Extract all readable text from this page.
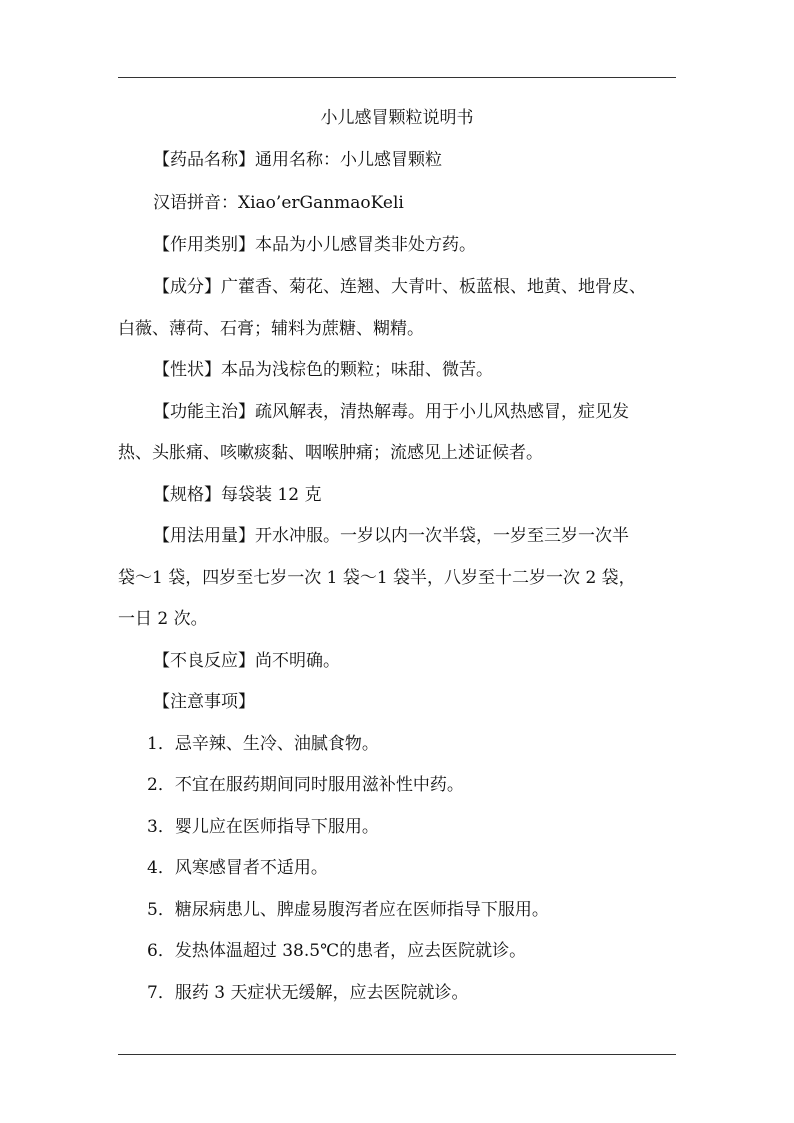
小儿感冒颗粒说明书

【药品名称】通用名称：小儿感冒颗粒

汉语拼音：Xiao’erGanmaoKeli

【作用类别】本品为小儿感冒类非处方药。

【成分】广藿香、菊花、连翘、大青叶、板蓝根、地黄、地骨皮、

白薇、薄荷、石膏；辅料为蔗糖、糊精。

【性状】本品为浅棕色的颗粒；味甜、微苦。

【功能主治】疏风解表，清热解毒。用于小儿风热感冒，症见发

热、头胀痛、咳嗽痰黏、咽喉肿痛；流感见上述证候者。

【规格】每袋装 12 克

【用法用量】开水冲服。一岁以内一次半袋，一岁至三岁一次半

袋～1 袋，四岁至七岁一次 1 袋～1 袋半，八岁至十二岁一次 2 袋，

一日 2 次。

【不良反应】尚不明确。

【注意事项】

1．忌辛辣、生冷、油腻食物。

2．不宜在服药期间同时服用滋补性中药。

3．婴儿应在医师指导下服用。

4．风寒感冒者不适用。

5．糖尿病患儿、脾虚易腹泻者应在医师指导下服用。

6．发热体温超过 38.5℃的患者，应去医院就诊。

7．服药 3 天症状无缓解，应去医院就诊。
